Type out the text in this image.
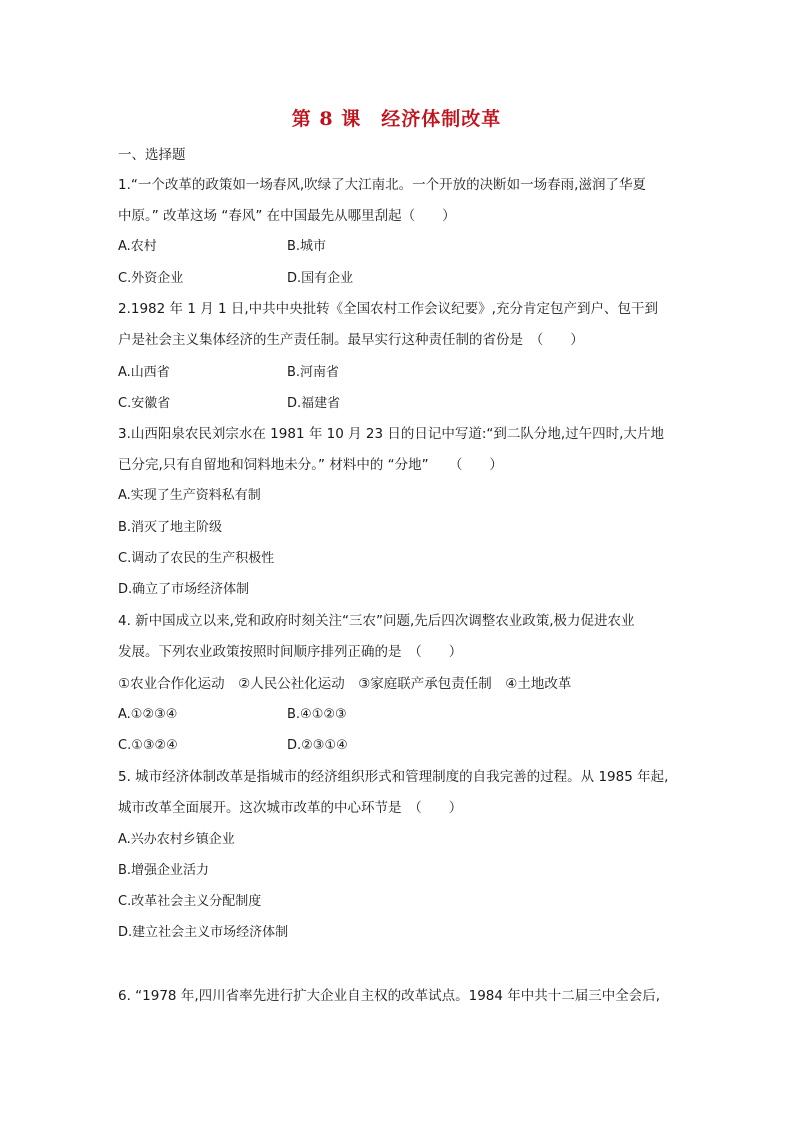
第 8 课　经济体制改革
一、选择题
1.“一个改革的政策如一场春风,吹绿了大江南北。一个开放的决断如一场春雨,滋润了华夏
中原。” 改革这场 “春风” 在中国最先从哪里刮起（　　）
A.农村	B.城市
C.外资企业	D.国有企业
2.1982 年 1 月 1 日,中共中央批转《全国农村工作会议纪要》,充分肯定包产到户、包干到
户是社会主义集体经济的生产责任制。最早实行这种责任制的省份是　（　　）
A.山西省	B.河南省
C.安徽省	D.福建省
3.山西阳泉农民刘宗水在 1981 年 10 月 23 日的日记中写道:“到二队分地,过午四时,大片地
已分完,只有自留地和饲料地未分。” 材料中的 “分地”　　（　　）
A.实现了生产资料私有制
B.消灭了地主阶级
C.调动了农民的生产积极性
D.确立了市场经济体制
4. 新中国成立以来,党和政府时刻关注“三农”问题,先后四次调整农业政策,极力促进农业
发展。下列农业政策按照时间顺序排列正确的是　（　　）
①农业合作化运动　②人民公社化运动　③家庭联产承包责任制　④土地改革
A.①②③④	B.④①②③
C.①③②④	D.②③①④
5. 城市经济体制改革是指城市的经济组织形式和管理制度的自我完善的过程。从 1985 年起,
城市改革全面展开。这次城市改革的中心环节是　（　　）
A.兴办农村乡镇企业
B.增强企业活力
C.改革社会主义分配制度
D.建立社会主义市场经济体制
6. “1978 年,四川省率先进行扩大企业自主权的改革试点。1984 年中共十二届三中全会后,
